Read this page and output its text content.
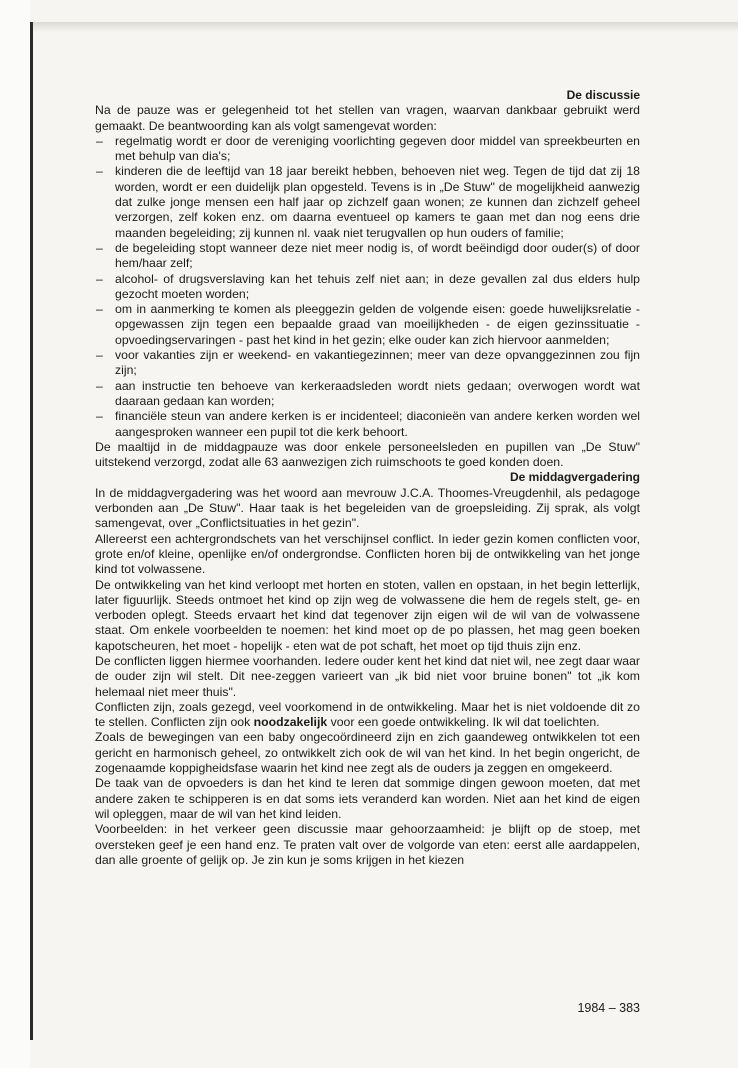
De discussie

Na de pauze was er gelegenheid tot het stellen van vragen, waarvan dankbaar gebruikt werd gemaakt. De beantwoording kan als volgt samengevat worden:

– regelmatig wordt er door de vereniging voorlichting gegeven door middel van spreekbeurten en met behulp van dia's;
– kinderen die de leeftijd van 18 jaar bereikt hebben, behoeven niet weg. Tegen de tijd dat zij 18 worden, wordt er een duidelijk plan opgesteld. Tevens is in „De Stuw" de mogelijkheid aanwezig dat zulke jonge mensen een half jaar op zichzelf gaan wonen; ze kunnen dan zichzelf geheel verzorgen, zelf koken enz. om daarna eventueel op kamers te gaan met dan nog eens drie maanden begeleiding; zij kunnen nl. vaak niet terugvallen op hun ouders of familie;
– de begeleiding stopt wanneer deze niet meer nodig is, of wordt beëindigd door ouder(s) of door hem/haar zelf;
– alcohol- of drugsverslaving kan het tehuis zelf niet aan; in deze gevallen zal dus elders hulp gezocht moeten worden;
– om in aanmerking te komen als pleeggezin gelden de volgende eisen: goede huwelijksrelatie - opgewassen zijn tegen een bepaalde graad van moeilijkheden - de eigen gezinssituatie - opvoedingservaringen - past het kind in het gezin; elke ouder kan zich hiervoor aanmelden;
– voor vakanties zijn er weekend- en vakantiegezinnen; meer van deze opvanggezinnen zou fijn zijn;
– aan instructie ten behoeve van kerkeraadsleden wordt niets gedaan; overwogen wordt wat daaraan gedaan kan worden;
– financiële steun van andere kerken is er incidenteel; diaconieën van andere kerken worden wel aangesproken wanneer een pupil tot die kerk behoort.

De maaltijd in de middagpauze was door enkele personeelsleden en pupillen van „De Stuw" uitstekend verzorgd, zodat alle 63 aanwezigen zich ruimschoots te goed konden doen.

De middagvergadering

In de middagvergadering was het woord aan mevrouw J.C.A. Thoomes-Vreugdenhil, als pedagoge verbonden aan „De Stuw". Haar taak is het begeleiden van de groepsleiding. Zij sprak, als volgt samengevat, over „Conflictsituaties in het gezin".

Allereerst een achtergrondschets van het verschijnsel conflict. In ieder gezin komen conflicten voor, grote en/of kleine, openlijke en/of ondergrondse. Conflicten horen bij de ontwikkeling van het jonge kind tot volwassene.

De ontwikkeling van het kind verloopt met horten en stoten, vallen en opstaan, in het begin letterlijk, later figuurlijk. Steeds ontmoet het kind op zijn weg de volwassene die hem de regels stelt, ge- en verboden oplegt. Steeds ervaart het kind dat tegenover zijn eigen wil de wil van de volwassene staat. Om enkele voorbeelden te noemen: het kind moet op de po plassen, het mag geen boeken kapotscheuren, het moet - hopelijk - eten wat de pot schaft, het moet op tijd thuis zijn enz.

De conflicten liggen hiermee voorhanden. Iedere ouder kent het kind dat niet wil, nee zegt daar waar de ouder zijn wil stelt. Dit nee-zeggen varieert van „ik bid niet voor bruine bonen" tot „ik kom helemaal niet meer thuis".

Conflicten zijn, zoals gezegd, veel voorkomend in de ontwikkeling. Maar het is niet voldoende dit zo te stellen. Conflicten zijn ook noodzakelijk voor een goede ontwikkeling. Ik wil dat toelichten.

Zoals de bewegingen van een baby ongecoördineerd zijn en zich gaandeweg ontwikkelen tot een gericht en harmonisch geheel, zo ontwikkelt zich ook de wil van het kind. In het begin ongericht, de zogenaamde koppigheidsfase waarin het kind nee zegt als de ouders ja zeggen en omgekeerd.

De taak van de opvoeders is dan het kind te leren dat sommige dingen gewoon moeten, dat met andere zaken te schipperen is en dat soms iets veranderd kan worden. Niet aan het kind de eigen wil opleggen, maar de wil van het kind leiden.

Voorbeelden: in het verkeer geen discussie maar gehoorzaamheid: je blijft op de stoep, met oversteken geef je een hand enz. Te praten valt over de volgorde van eten: eerst alle aardappelen, dan alle groente of gelijk op. Je zin kun je soms krijgen in het kiezen

1984 – 383
